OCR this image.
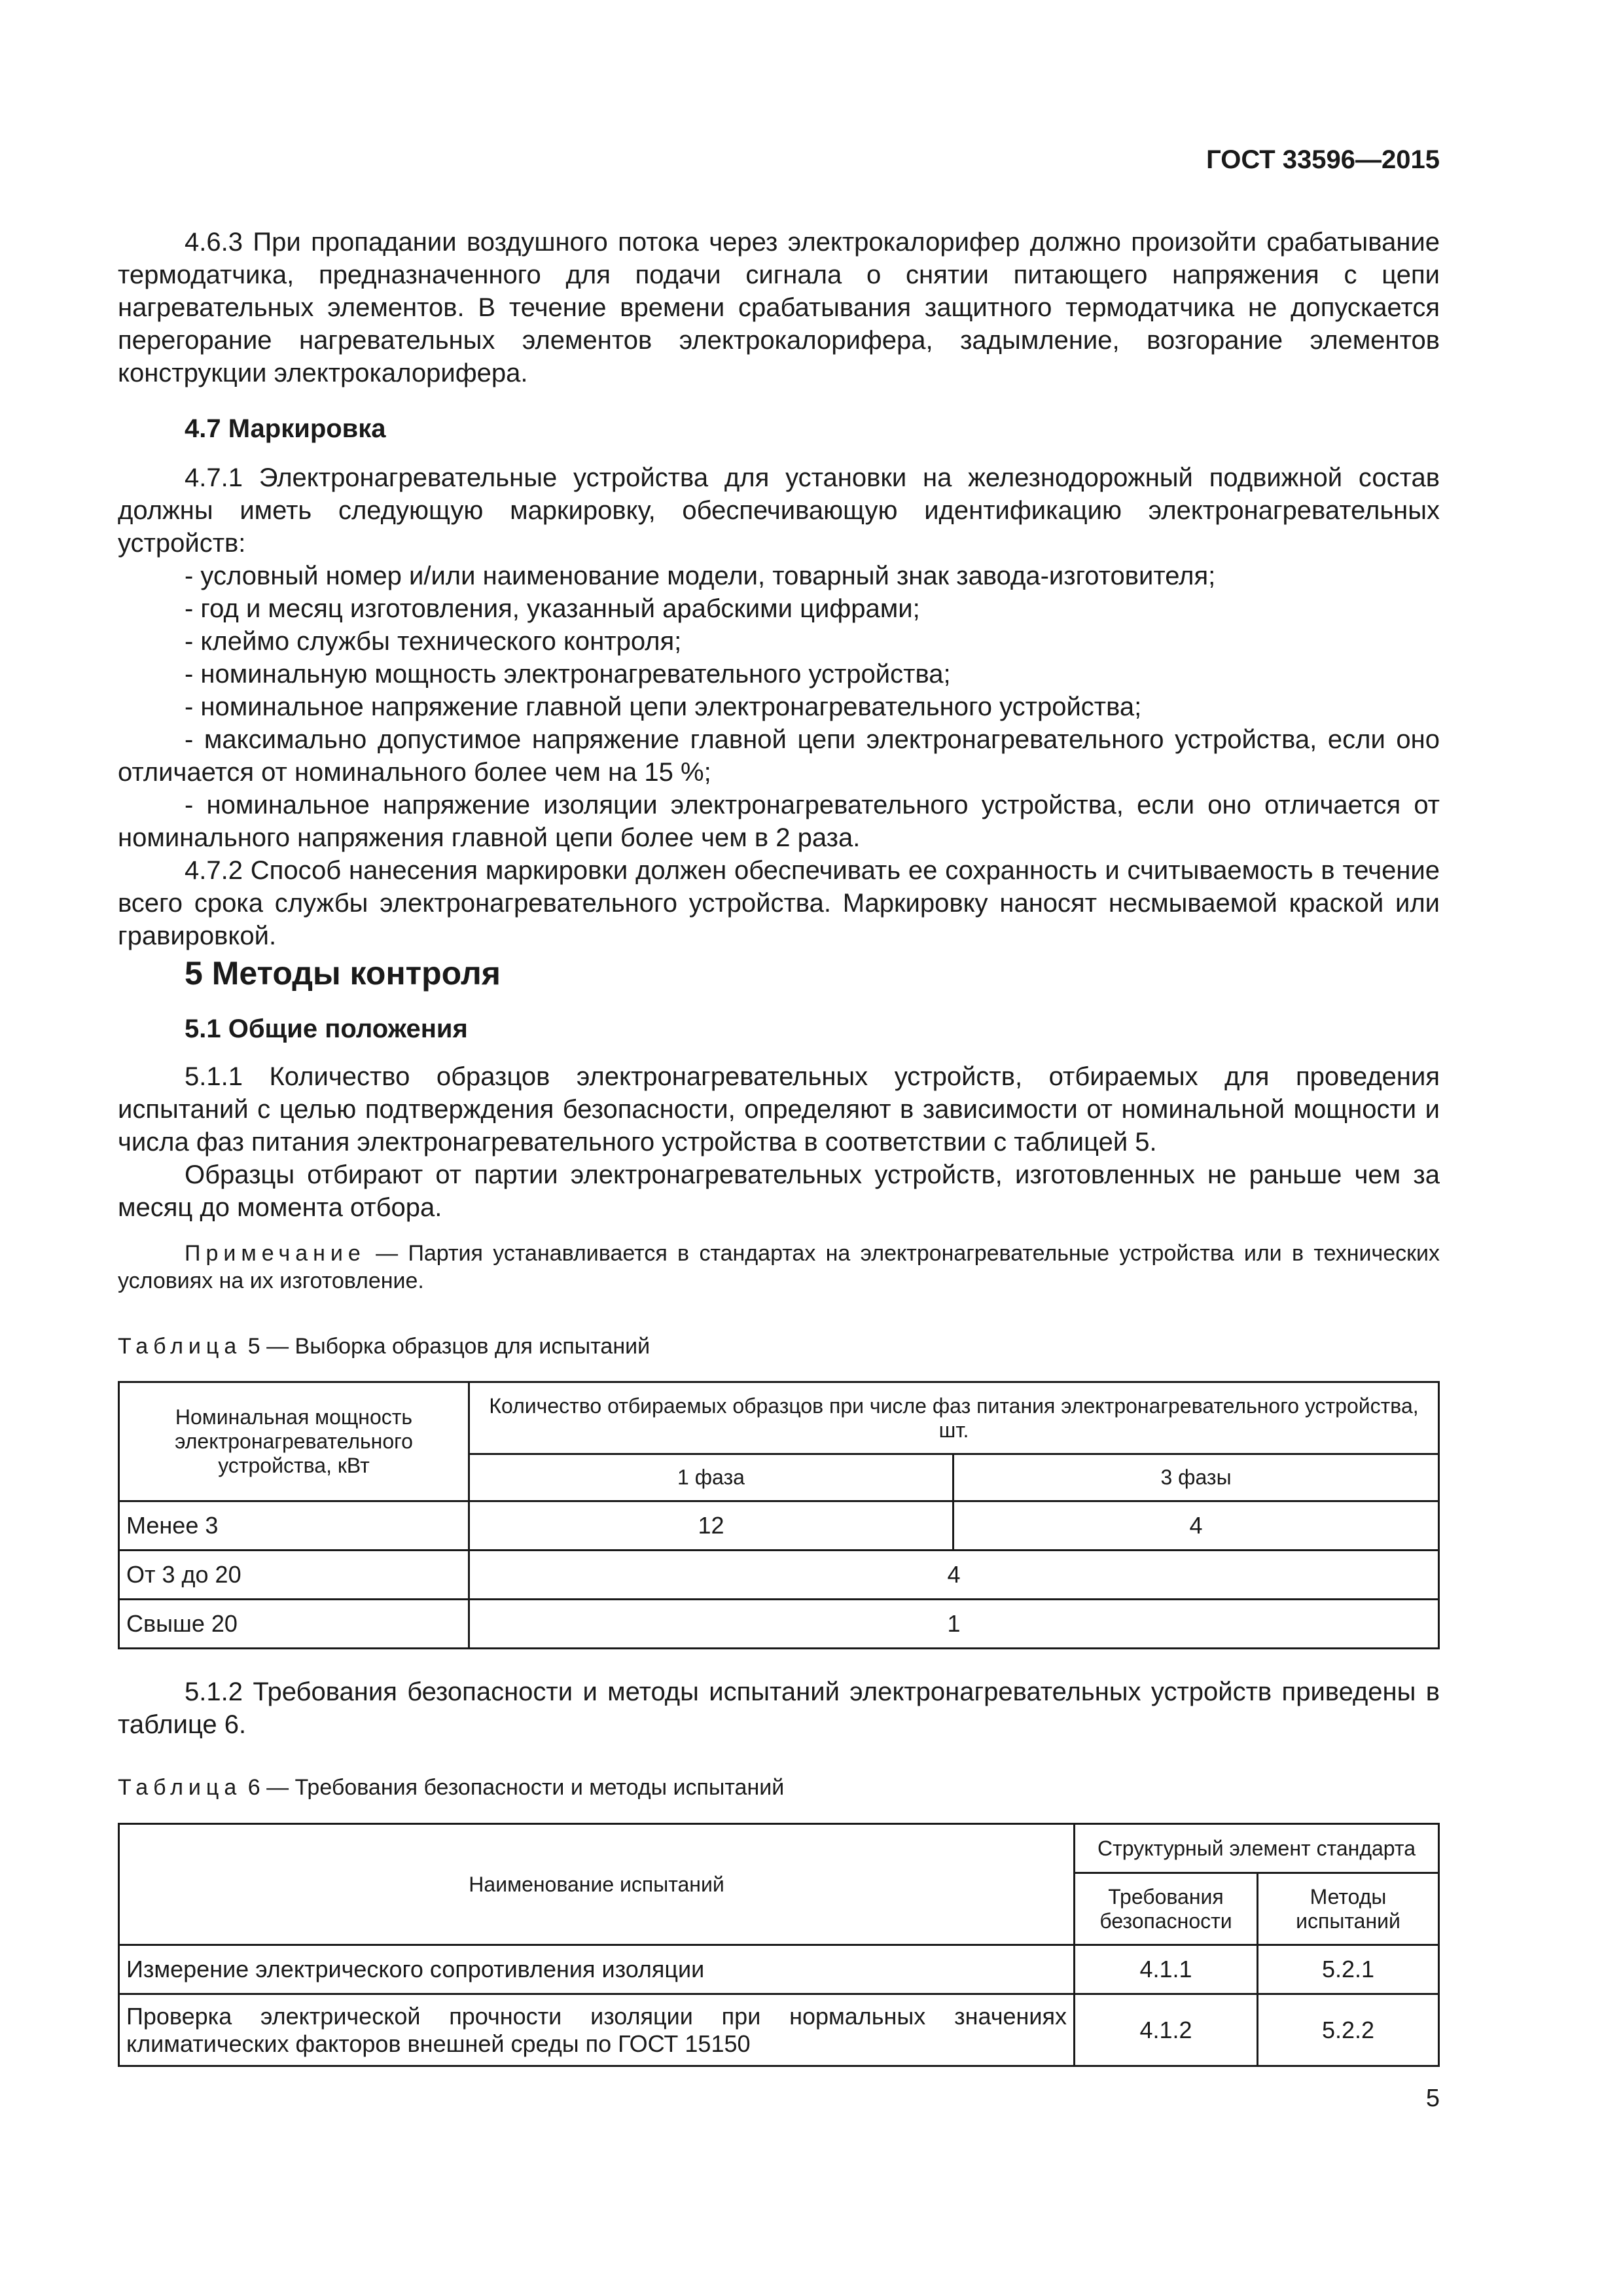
ГОСТ 33596—2015

4.6.3 При пропадании воздушного потока через электрокалорифер должно произойти срабатывание термодатчика, предназначенного для подачи сигнала о снятии питающего напряжения с цепи нагревательных элементов. В течение времени срабатывания защитного термодатчика не допускается перегорание нагревательных элементов электрокалорифера, задымление, возгорание элементов конструкции электрокалорифера.

4.7 Маркировка

4.7.1 Электронагревательные устройства для установки на железнодорожный подвижной состав должны иметь следующую маркировку, обеспечивающую идентификацию электронагревательных устройств:

- условный номер и/или наименование модели, товарный знак завода-изготовителя;

- год и месяц изготовления, указанный арабскими цифрами;

- клеймо службы технического контроля;

- номинальную мощность электронагревательного устройства;

- номинальное напряжение главной цепи электронагревательного устройства;

- максимально допустимое напряжение главной цепи электронагревательного устройства, если оно отличается от номинального более чем на 15 %;

- номинальное напряжение изоляции электронагревательного устройства, если оно отличается от номинального напряжения главной цепи более чем в 2 раза.

4.7.2 Способ нанесения маркировки должен обеспечивать ее сохранность и считываемость в течение всего срока службы электронагревательного устройства. Маркировку наносят несмываемой краской или гравировкой.

5 Методы контроля
5.1 Общие положения

5.1.1 Количество образцов электронагревательных устройств, отбираемых для проведения испытаний с целью подтверждения безопасности, определяют в зависимости от номинальной мощности и числа фаз питания электронагревательного устройства в соответствии с таблицей 5.

Образцы отбирают от партии электронагревательных устройств, изготовленных не раньше чем за месяц до момента отбора.

Примечание — Партия устанавливается в стандартах на электронагревательные устройства или в технических условиях на их изготовление.

Таблица 5 — Выборка образцов для испытаний
Номинальная мощность электронагревательного устройства, кВт	Количество отбираемых образцов при числе фаз питания электронагревательного устройства, шт.	
	1 фаза	3 фазы
Менее 3	12	4
От 3 до 20	4	
Свыше 20	1	

5.1.2 Требования безопасности и методы испытаний электронагревательных устройств приведены в таблице 6.

Таблица 6 — Требования безопасности и методы испытаний
Наименование испытаний	Структурный элемент стандарта	
	Требования безопасности	Методы испытаний
Измерение электрического сопротивления изоляции	4.1.1	5.2.1
Проверка электрической прочности изоляции при нормальных значениях климатических факторов внешней среды по ГОСТ 15150	4.1.2	5.2.2
5
